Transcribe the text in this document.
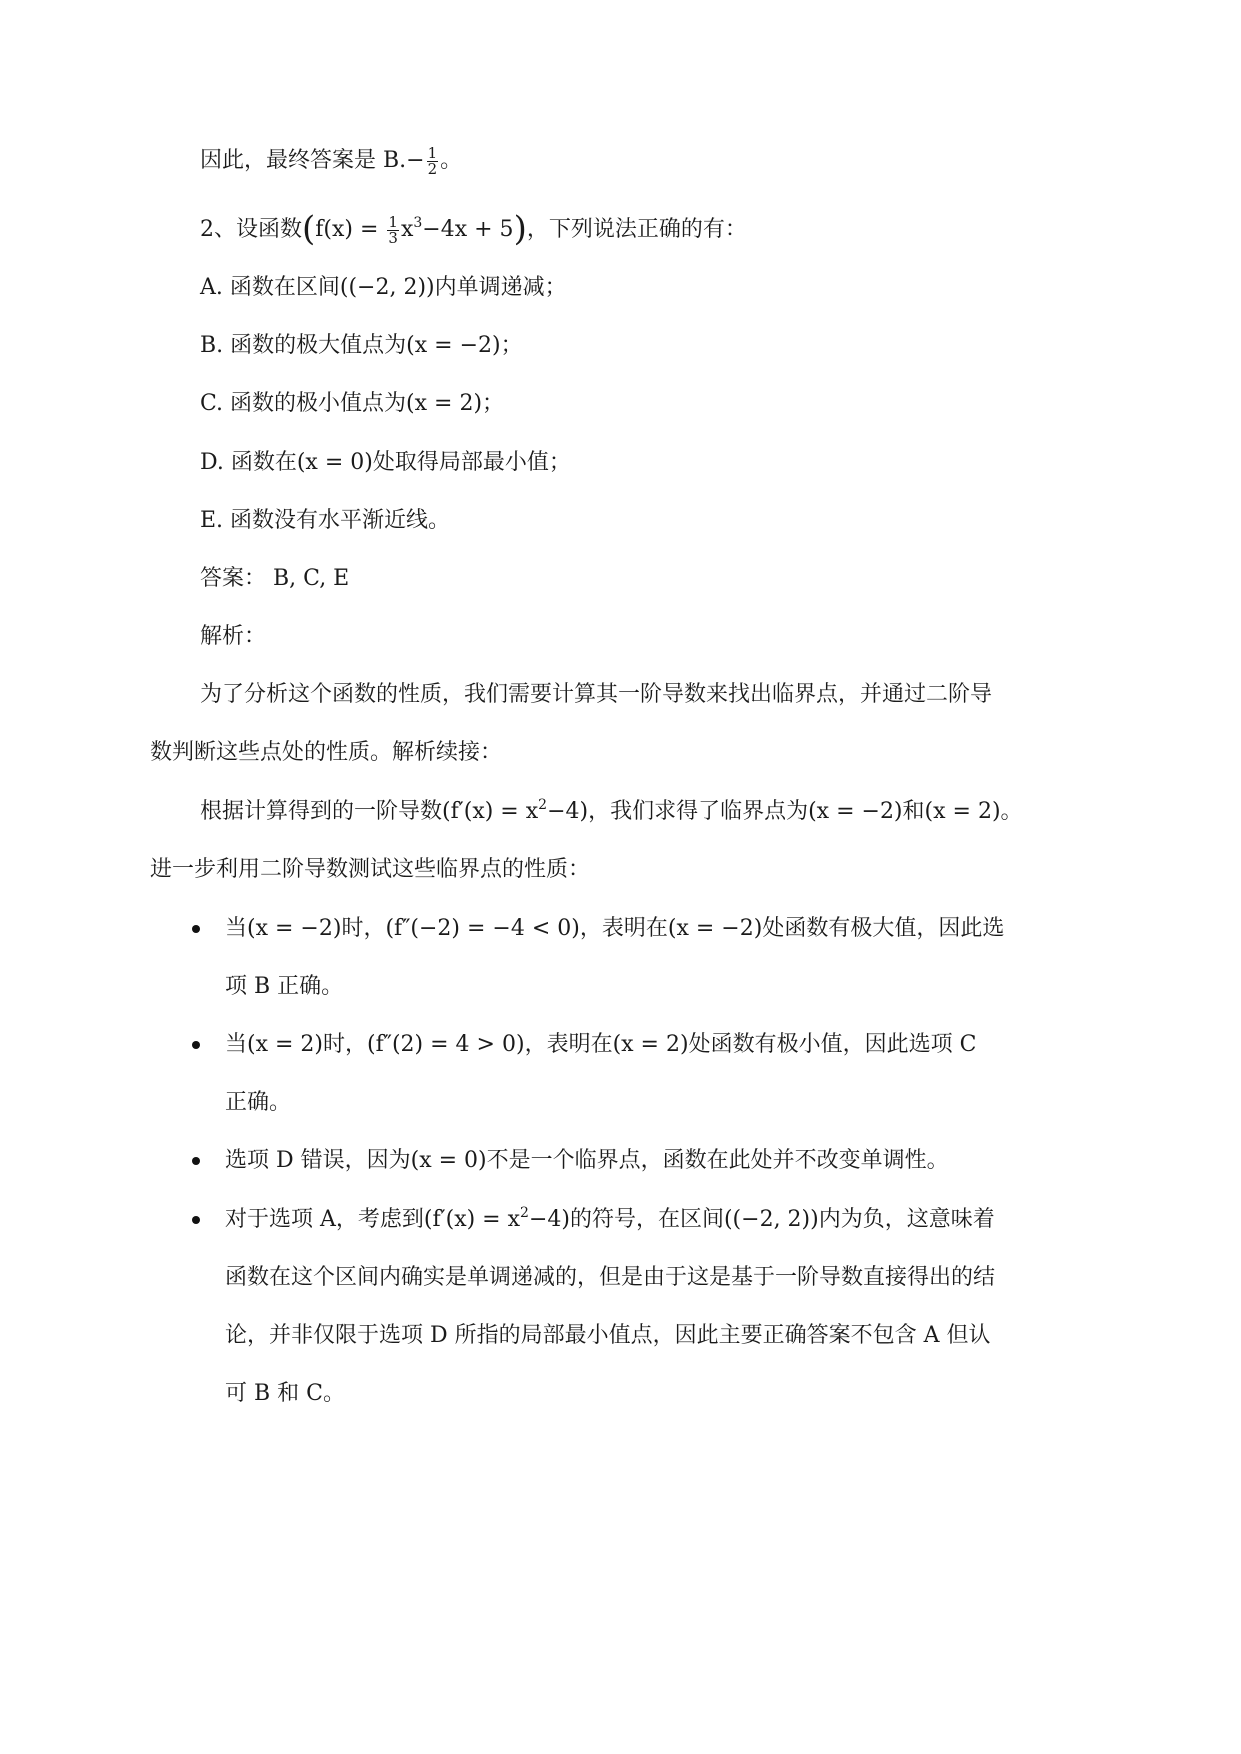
因此，最终答案是 $B.- \frac{1}{2}$ 。
2、设函数$(f(x) = \frac{1}{3} x^3-4x + 5)$，下列说法正确的有：
A. 函数在区间((−2, 2))内单调递减；
B. 函数的极大值点为(x = −2)；
C. 函数的极小值点为(x = 2)；
D. 函数在(x = 0)处取得局部最小值；
E. 函数没有水平渐近线。
答案： B, C, E
解析：
为了分析这个函数的性质，我们需要计算其一阶导数来找出临界点，并通过二阶导
数判断这些点处的性质。解析续接：
根据计算得到的一阶导数$(f'(x) = x^2-4)$，我们求得了临界点为(x = −2)和(x = 2)。
进一步利用二阶导数测试这些临界点的性质：
当(x = −2)时，(f″(−2) = −4 < 0)，表明在(x = −2)处函数有极大值，因此选
项 B 正确。
当(x = 2)时，(f″(2) = 4 > 0)，表明在(x = 2)处函数有极小值，因此选项 C
正确。
选项 D 错误，因为(x = 0)不是一个临界点，函数在此处并不改变单调性。
对于选项 A，考虑到$(f'(x) = x^2-4)$的符号，在区间((−2, 2))内为负，这意味着
函数在这个区间内确实是单调递减的，但是由于这是基于一阶导数直接得出的结
论，并非仅限于选项 D 所指的局部最小值点，因此主要正确答案不包含 A 但认
可 B 和 C。
